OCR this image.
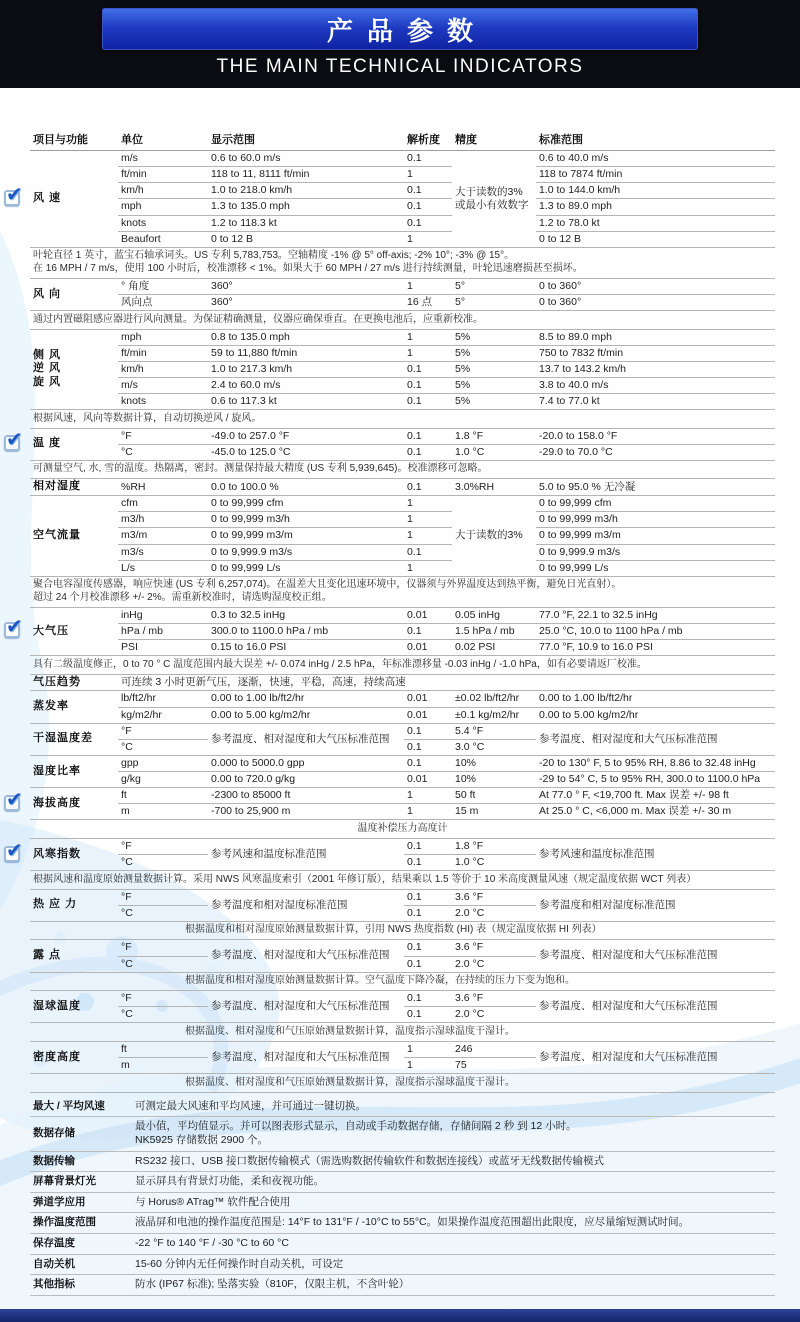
产品参数
THE MAIN TECHNICAL INDICATORS
项目与功能	单位	显示范围	解析度	精度	标准范围

✔
风 速	m/s	0.6 to 60.0 m/s	0.1	大于读数的3% 或最小有效数字	0.6 to 40.0 m/s
	ft/min	118 to 11, 8111 ft/min	1		118 to 7874 ft/min
	km/h	1.0 to 218.0 km/h	0.1		1.0 to 144.0 km/h
	mph	1.3 to 135.0 mph	0.1		1.3 to 89.0 mph
	knots	1.2 to 118.3 kt	0.1		1.2 to 78.0 kt
	Beaufort	0 to 12 B	1		0 to 12 B

叶轮直径 1 英寸，蓝宝石轴承词头。US 专利 5,783,753。空轴精度 -1% @ 5° off-axis; -2% 10°; -3% @ 15°。
在 16 MPH / 7 m/s，使用 100 小时后，校准漂移 < 1%。如果大于 60 MPH / 27 m/s 进行持续测量，叶轮迅速磨损甚至损坏。					

风 向	° 角度	360°	1	5°	0 to 360°
	风向点	360°	16 点	5°	0 to 360°

通过内置磁阻感应器进行风向测量。为保证精确测量，仪器应确保垂直。在更换电池后，应重新校准。					

侧 风
逆 风
旋 风	mph	0.8 to 135.0 mph	1	5%	8.5 to 89.0 mph
	ft/min	59 to 11,880 ft/min	1	5%	750 to 7832 ft/min
	km/h	1.0 to 217.3 km/h	0.1	5%	13.7 to 143.2 km/h
	m/s	2.4 to 60.0 m/s	0.1	5%	3.8 to 40.0 m/s
	knots	0.6 to 117.3 kt	0.1	5%	7.4 to 77.0 kt

根据风速，风向等数据计算，自动切换逆风 / 旋风。					

✔
温 度	°F	-49.0 to 257.0 °F	0.1	1.8 °F	-20.0 to 158.0 °F
	°C	-45.0 to 125.0 °C	0.1	1.0 °C	-29.0 to 70.0 °C

可测量空气, 水, 雪的温度。热隔离，密封。测量保持最大精度 (US 专利 5,939,645)。校准漂移可忽略。					

相对湿度	%RH	0.0 to 100.0 %	0.1	3.0%RH	5.0 to 95.0 % 无冷凝

空气流量	cfm	0 to 99,999 cfm	1	大于读数的3%	0 to 99,999 cfm
	m3/h	0 to 99,999 m3/h	1		0 to 99,999 m3/h
	m3/m	0 to 99,999 m3/m	1		0 to 99,999 m3/m
	m3/s	0 to 9,999.9 m3/s	0.1		0 to 9,999.9 m3/s
	L/s	0 to 99,999 L/s	1		0 to 99,999 L/s

聚合电容湿度传感器，响应快速 (US 专利 6,257,074)。在温差大且变化迅速环境中，仪器须与外界温度达到热平衡，避免日光直射）。
超过 24 个月校准漂移 +/- 2%。需重新校准时，请选购湿度校正组。					

✔
大气压	inHg	0.3 to 32.5 inHg	0.01	0.05 inHg	77.0 °F, 22.1 to 32.5 inHg
	hPa / mb	300.0 to 1100.0 hPa / mb	0.1	1.5 hPa / mb	25.0 °C, 10.0 to 1100 hPa / mb
	PSI	0.15 to 16.0 PSI	0.01	0.02 PSI	77.0 °F, 10.9 to 16.0 PSI

具有二级温度修正，0 to 70 ° C 温度范围内最大误差 +/- 0.074 inHg / 2.5 hPa，年标准漂移量 -0.03 inHg / -1.0 hPa，如有必要请返厂校准。					

气压趋势	可连续 3 小时更新气压，逐渐，快速，平稳，高速，持续高速				

蒸发率	lb/ft2/hr	0.00 to 1.00 lb/ft2/hr	0.01	±0.02 lb/ft2/hr	0.00 to 1.00 lb/ft2/hr
	kg/m2/hr	0.00 to 5.00 kg/m2/hr	0.01	±0.1 kg/m2/hr	0.00 to 5.00 kg/m2/hr

干湿温度差	°F	参考温度、相对湿度和大气压标准范围	0.1	5.4 °F	参考温度、相对湿度和大气压标准范围
	°C		0.1	3.0 °C	

湿度比率	gpp	0.000 to 5000.0 gpp	0.1	10%	-20 to 130° F, 5 to 95% RH, 8.86 to 32.48 inHg
	g/kg	0.00 to 720.0 g/kg	0.01	10%	-29 to 54° C, 5 to 95% RH, 300.0 to 1100.0 hPa

✔
海拔高度	ft	-2300 to 85000 ft	1	50 ft	At 77.0 ° F, <19,700 ft. Max 误差 +/- 98 ft
	m	-700 to 25,900 m	1	15 m	At 25.0 ° C, <6,000 m. Max 误差 +/- 30 m

温度补偿压力高度计					

✔
风寒指数	°F	参考风速和温度标准范围	0.1	1.8 °F	参考风速和温度标准范围
	°C		0.1	1.0 °C	

根据风速和温度原始测量数据计算。采用 NWS 风寒温度索引（2001 年修订版），结果乘以 1.5 等价于 10 米高度测量风速（规定温度依据 WCT 列表）					

热 应 力	°F	参考温度和相对湿度标准范围	0.1	3.6 °F	参考温度和相对湿度标准范围
	°C		0.1	2.0 °C	

根据温度和相对湿度原始测量数据计算，引用 NWS 热度指数 (HI) 表（规定温度依据 HI 列表）					

露 点	°F	参考温度、相对湿度和大气压标准范围	0.1	3.6 °F	参考温度、相对湿度和大气压标准范围
	°C		0.1	2.0 °C	

根据温度和相对湿度原始测量数据计算。空气温度下降冷凝，在持续的压力下变为饱和。					

湿球温度	°F	参考温度、相对湿度和大气压标准范围	0.1	3.6 °F	参考温度、相对湿度和大气压标准范围
	°C		0.1	2.0 °C	

根据温度、相对湿度和气压原始测量数据计算，温度指示湿球温度干湿计。					

密度高度	ft	参考温度、相对湿度和大气压标准范围	1	246	参考温度、相对湿度和大气压标准范围
	m		1	75	

根据温度、相对湿度和气压原始测量数据计算，湿度指示湿球温度干湿计。					
最大 / 平均风速	可测定最大风速和平均风速，并可通过一键切换。

数据存储	最小值，平均值显示。并可以图表形式显示，自动或手动数据存储，存储间隔 2 秒 到 12 小时。
NK5925 存储数据 2900 个。

数据传输	RS232 接口、USB 接口数据传输模式（需选购数据传输软件和数据连接线）或蓝牙无线数据传输模式

屏幕背景灯光	显示屏具有背景灯功能，柔和夜视功能。

弹道学应用	与 Horus® ATrag™ 软件配合使用

操作温度范围	液晶屏和电池的操作温度范围是: 14°F to 131°F / -10°C to 55°C。如果操作温度范围超出此限度，应尽量缩短测试时间。

保存温度	-22 °F to 140 °F / -30 °C to 60 °C

自动关机	15-60 分钟内无任何操作时自动关机，可设定

其他指标	防水 (IP67 标准); 坠落实验（810F，仅限主机，不含叶轮）
